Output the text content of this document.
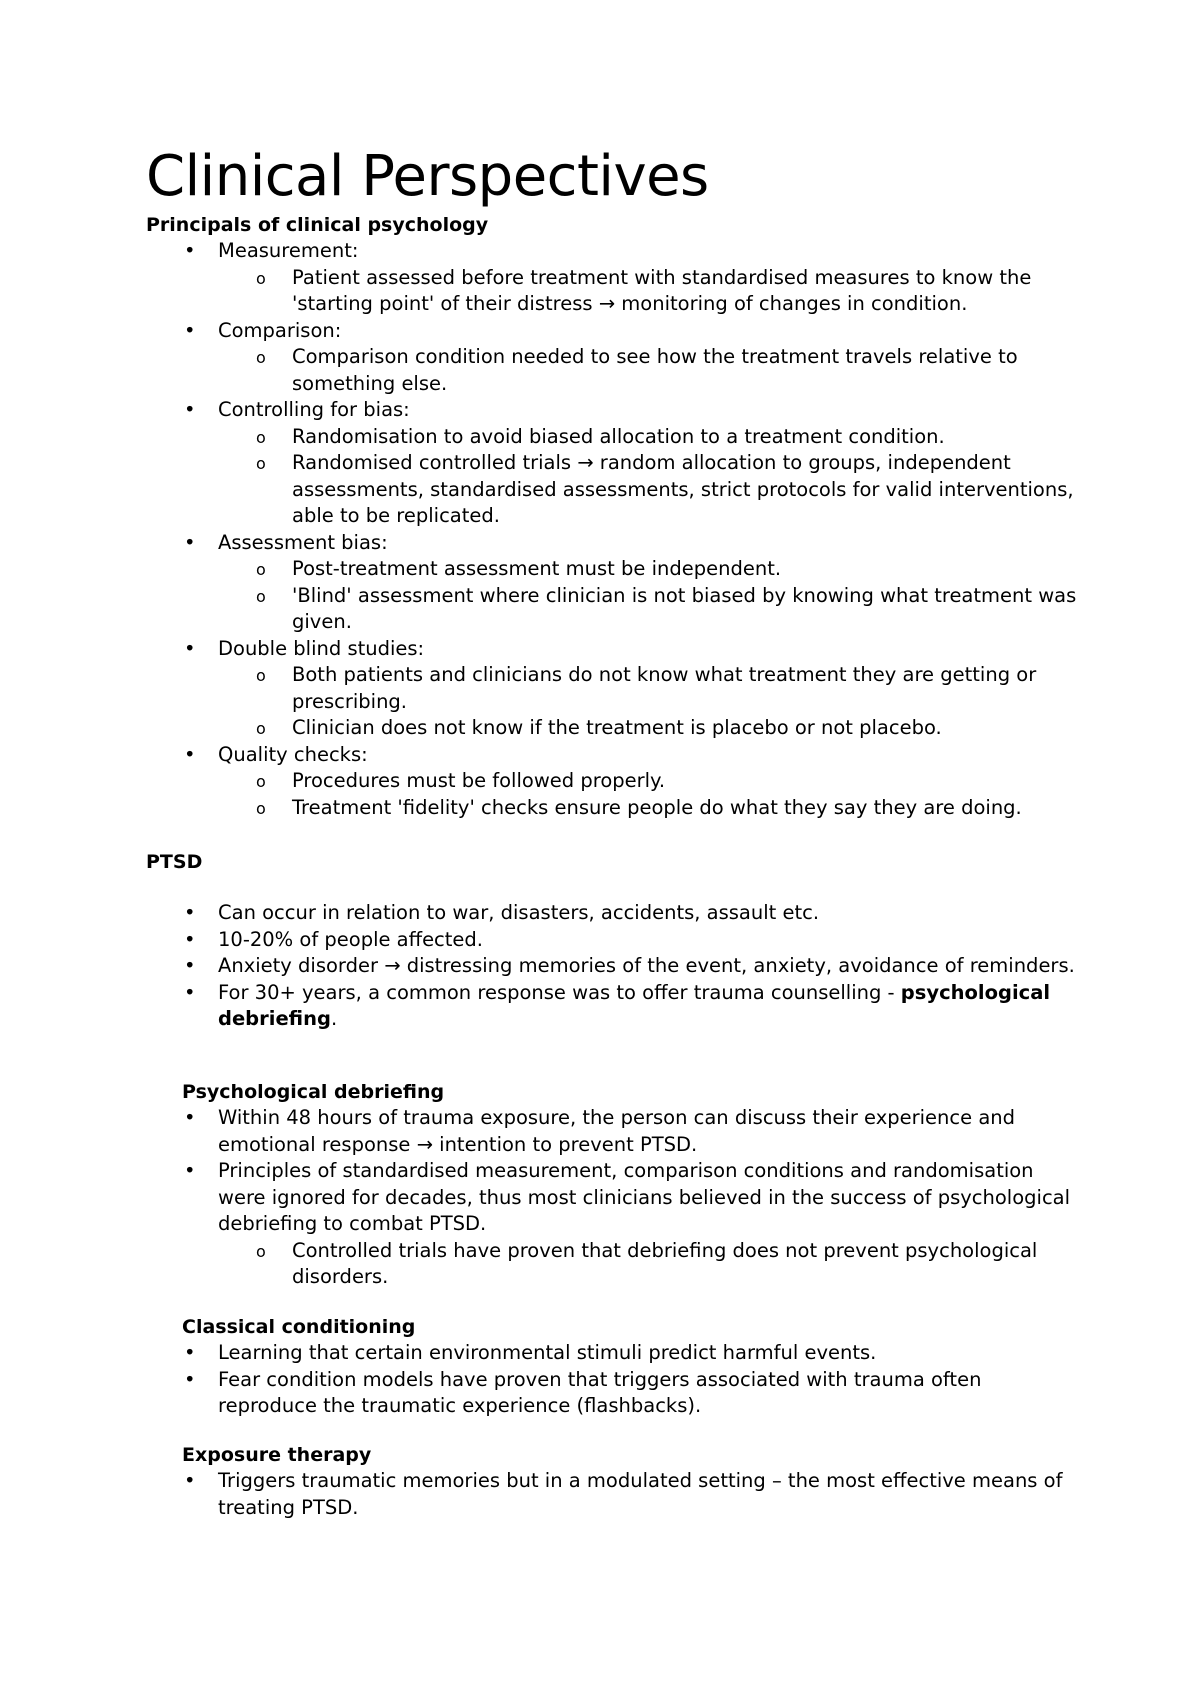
Clinical Perspectives
Principals of clinical psychology
• Measurement:
o Patient assessed before treatment with standardised measures to know the 'starting point' of their distress → monitoring of changes in condition.
• Comparison:
o Comparison condition needed to see how the treatment travels relative to something else.
• Controlling for bias:
o Randomisation to avoid biased allocation to a treatment condition.
o Randomised controlled trials → random allocation to groups, independent assessments, standardised assessments, strict protocols for valid interventions, able to be replicated.
• Assessment bias:
o Post-treatment assessment must be independent.
o 'Blind' assessment where clinician is not biased by knowing what treatment was given.
• Double blind studies:
o Both patients and clinicians do not know what treatment they are getting or prescribing.
o Clinician does not know if the treatment is placebo or not placebo.
• Quality checks:
o Procedures must be followed properly.
o Treatment 'fidelity' checks ensure people do what they say they are doing.
PTSD
• Can occur in relation to war, disasters, accidents, assault etc.
• 10-20% of people affected.
• Anxiety disorder → distressing memories of the event, anxiety, avoidance of reminders.
• For 30+ years, a common response was to offer trauma counselling - psychological debriefing.
Psychological debriefing
• Within 48 hours of trauma exposure, the person can discuss their experience and emotional response → intention to prevent PTSD.
• Principles of standardised measurement, comparison conditions and randomisation were ignored for decades, thus most clinicians believed in the success of psychological debriefing to combat PTSD.
o Controlled trials have proven that debriefing does not prevent psychological disorders.
Classical conditioning
• Learning that certain environmental stimuli predict harmful events.
• Fear condition models have proven that triggers associated with trauma often reproduce the traumatic experience (flashbacks).
Exposure therapy
• Triggers traumatic memories but in a modulated setting – the most effective means of treating PTSD.
